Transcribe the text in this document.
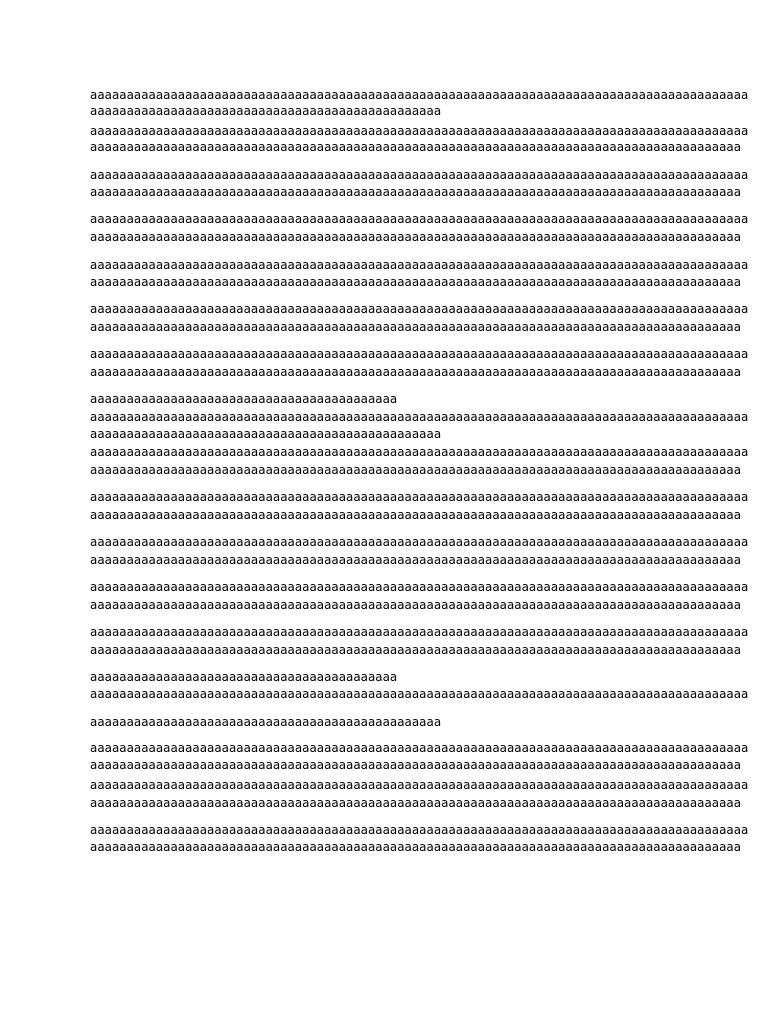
aaaaaaaaaaaaaaaaaaaaaaaaaaaaaaaaaaaaaaaaaaaaaaaaaaaaaaaaaaaaaaaaaaaaaaaaaaaaaaaaaaaaaaaaaa

aaaaaaaaaaaaaaaaaaaaaaaaaaaaaaaaaaaaaaaaaaaaaaaa

aaaaaaaaaaaaaaaaaaaaaaaaaaaaaaaaaaaaaaaaaaaaaaaaaaaaaaaaaaaaaaaaaaaaaaaaaaaaaaaaaaaaaaaaaa

aaaaaaaaaaaaaaaaaaaaaaaaaaaaaaaaaaaaaaaaaaaaaaaaaaaaaaaaaaaaaaaaaaaaaaaaaaaaaaaaaaaaaaaaa

aaaaaaaaaaaaaaaaaaaaaaaaaaaaaaaaaaaaaaaaaaaaaaaaaaaaaaaaaaaaaaaaaaaaaaaaaaaaaaaaaaaaaaaaaa

aaaaaaaaaaaaaaaaaaaaaaaaaaaaaaaaaaaaaaaaaaaaaaaaaaaaaaaaaaaaaaaaaaaaaaaaaaaaaaaaaaaaaaaaa

aaaaaaaaaaaaaaaaaaaaaaaaaaaaaaaaaaaaaaaaaaaaaaaaaaaaaaaaaaaaaaaaaaaaaaaaaaaaaaaaaaaaaaaaaa

aaaaaaaaaaaaaaaaaaaaaaaaaaaaaaaaaaaaaaaaaaaaaaaaaaaaaaaaaaaaaaaaaaaaaaaaaaaaaaaaaaaaaaaaa

aaaaaaaaaaaaaaaaaaaaaaaaaaaaaaaaaaaaaaaaaaaaaaaaaaaaaaaaaaaaaaaaaaaaaaaaaaaaaaaaaaaaaaaaaa

aaaaaaaaaaaaaaaaaaaaaaaaaaaaaaaaaaaaaaaaaaaaaaaaaaaaaaaaaaaaaaaaaaaaaaaaaaaaaaaaaaaaaaaaa

aaaaaaaaaaaaaaaaaaaaaaaaaaaaaaaaaaaaaaaaaaaaaaaaaaaaaaaaaaaaaaaaaaaaaaaaaaaaaaaaaaaaaaaaaa

aaaaaaaaaaaaaaaaaaaaaaaaaaaaaaaaaaaaaaaaaaaaaaaaaaaaaaaaaaaaaaaaaaaaaaaaaaaaaaaaaaaaaaaaa

aaaaaaaaaaaaaaaaaaaaaaaaaaaaaaaaaaaaaaaaaaaaaaaaaaaaaaaaaaaaaaaaaaaaaaaaaaaaaaaaaaaaaaaaaa

aaaaaaaaaaaaaaaaaaaaaaaaaaaaaaaaaaaaaaaaaaaaaaaaaaaaaaaaaaaaaaaaaaaaaaaaaaaaaaaaaaaaaaaaa

aaaaaaaaaaaaaaaaaaaaaaaaaaaaaaaaaaaaaaaaaa

aaaaaaaaaaaaaaaaaaaaaaaaaaaaaaaaaaaaaaaaaaaaaaaaaaaaaaaaaaaaaaaaaaaaaaaaaaaaaaaaaaaaaaaaaa

aaaaaaaaaaaaaaaaaaaaaaaaaaaaaaaaaaaaaaaaaaaaaaaa

aaaaaaaaaaaaaaaaaaaaaaaaaaaaaaaaaaaaaaaaaaaaaaaaaaaaaaaaaaaaaaaaaaaaaaaaaaaaaaaaaaaaaaaaaa

aaaaaaaaaaaaaaaaaaaaaaaaaaaaaaaaaaaaaaaaaaaaaaaaaaaaaaaaaaaaaaaaaaaaaaaaaaaaaaaaaaaaaaaaa

aaaaaaaaaaaaaaaaaaaaaaaaaaaaaaaaaaaaaaaaaaaaaaaaaaaaaaaaaaaaaaaaaaaaaaaaaaaaaaaaaaaaaaaaaa

aaaaaaaaaaaaaaaaaaaaaaaaaaaaaaaaaaaaaaaaaaaaaaaaaaaaaaaaaaaaaaaaaaaaaaaaaaaaaaaaaaaaaaaaa

aaaaaaaaaaaaaaaaaaaaaaaaaaaaaaaaaaaaaaaaaaaaaaaaaaaaaaaaaaaaaaaaaaaaaaaaaaaaaaaaaaaaaaaaaa

aaaaaaaaaaaaaaaaaaaaaaaaaaaaaaaaaaaaaaaaaaaaaaaaaaaaaaaaaaaaaaaaaaaaaaaaaaaaaaaaaaaaaaaaa

aaaaaaaaaaaaaaaaaaaaaaaaaaaaaaaaaaaaaaaaaaaaaaaaaaaaaaaaaaaaaaaaaaaaaaaaaaaaaaaaaaaaaaaaaa

aaaaaaaaaaaaaaaaaaaaaaaaaaaaaaaaaaaaaaaaaaaaaaaaaaaaaaaaaaaaaaaaaaaaaaaaaaaaaaaaaaaaaaaaa

aaaaaaaaaaaaaaaaaaaaaaaaaaaaaaaaaaaaaaaaaaaaaaaaaaaaaaaaaaaaaaaaaaaaaaaaaaaaaaaaaaaaaaaaaa

aaaaaaaaaaaaaaaaaaaaaaaaaaaaaaaaaaaaaaaaaaaaaaaaaaaaaaaaaaaaaaaaaaaaaaaaaaaaaaaaaaaaaaaaa

aaaaaaaaaaaaaaaaaaaaaaaaaaaaaaaaaaaaaaaaaa

aaaaaaaaaaaaaaaaaaaaaaaaaaaaaaaaaaaaaaaaaaaaaaaaaaaaaaaaaaaaaaaaaaaaaaaaaaaaaaaaaaaaaaaaaa

aaaaaaaaaaaaaaaaaaaaaaaaaaaaaaaaaaaaaaaaaaaaaaaa

aaaaaaaaaaaaaaaaaaaaaaaaaaaaaaaaaaaaaaaaaaaaaaaaaaaaaaaaaaaaaaaaaaaaaaaaaaaaaaaaaaaaaaaaaa

aaaaaaaaaaaaaaaaaaaaaaaaaaaaaaaaaaaaaaaaaaaaaaaaaaaaaaaaaaaaaaaaaaaaaaaaaaaaaaaaaaaaaaaaa

aaaaaaaaaaaaaaaaaaaaaaaaaaaaaaaaaaaaaaaaaaaaaaaaaaaaaaaaaaaaaaaaaaaaaaaaaaaaaaaaaaaaaaaaaa

aaaaaaaaaaaaaaaaaaaaaaaaaaaaaaaaaaaaaaaaaaaaaaaaaaaaaaaaaaaaaaaaaaaaaaaaaaaaaaaaaaaaaaaaa

aaaaaaaaaaaaaaaaaaaaaaaaaaaaaaaaaaaaaaaaaaaaaaaaaaaaaaaaaaaaaaaaaaaaaaaaaaaaaaaaaaaaaaaaaa

aaaaaaaaaaaaaaaaaaaaaaaaaaaaaaaaaaaaaaaaaaaaaaaaaaaaaaaaaaaaaaaaaaaaaaaaaaaaaaaaaaaaaaaaa
